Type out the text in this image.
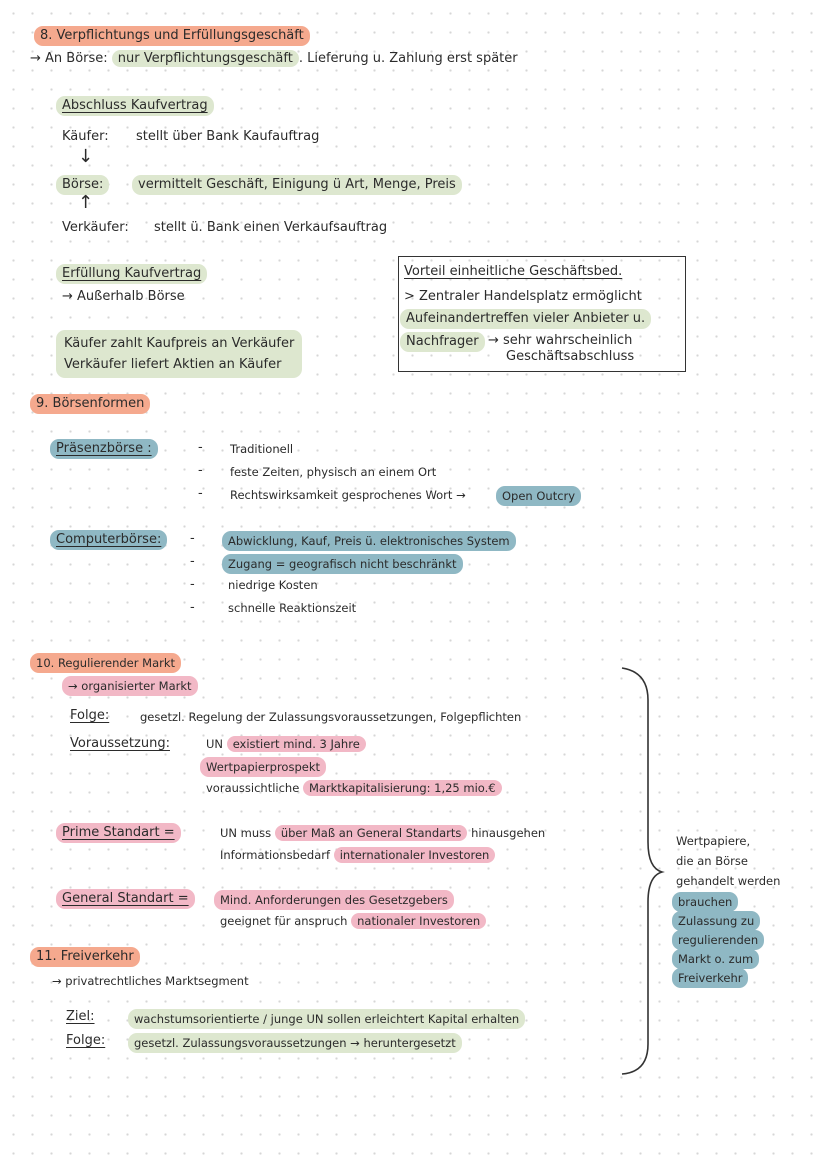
8. Verpflichtungs und Erfüllungsgeschäft
→ An Börse: nur Verpflichtungsgeschäft . Lieferung u. Zahlung erst später
Abschluss Kaufvertrag
Käufer: stellt über Bank Kaufauftrag
↓
Börse:	vermittelt Geschäft, Einigung ü Art, Menge, Preis
↑
Verkäufer: stellt ü. Bank einen Verkaufsauftrag
Erfüllung Kaufvertrag
→ Außerhalb Börse
Käufer zahlt Kaufpreis an Verkäufer
Verkäufer liefert Aktien an Käufer
Vorteil einheitliche Geschäftsbed.
> Zentraler Handelsplatz ermöglicht
Aufeinandertreffen vieler Anbieter u.
Nachfrager → sehr wahrscheinlich
Geschäftsabschluss
9. Börsenformen
Präsenzbörse :	- Traditionell
- feste Zeiten, physisch an einem Ort
- Rechtswirksamkeit gesprochenes Wort →	Open Outcry
Computerbörse:	-	Abwicklung, Kauf, Preis ü. elektronisches System
-	Zugang = geografisch nicht beschränkt
-	niedrige Kosten
-	schnelle Reaktionszeit
10. Regulierender Markt
→ organisierter Markt
Folge:	gesetzl. Regelung der Zulassungsvoraussetzungen, Folgepflichten
Voraussetzung:	UN existiert mind. 3 Jahre
Wertpapierprospekt
voraussichtliche Marktkapitalisierung: 1,25 mio.€
Prime Standart =	UN muss über Maß an General Standarts hinausgehen
Informationsbedarf internationaler Investoren
General Standart =	Mind. Anforderungen des Gesetzgebers
geeignet für anspruch nationaler Investoren
11. Freiverkehr
→ privatrechtliches Marktsegment
Ziel:	wachstumsorientierte / junge UN sollen erleichtert Kapital erhalten
Folge:	gesetzl. Zulassungsvoraussetzungen → heruntergesetzt
Wertpapiere,
die an Börse
gehandelt werden
brauchen
Zulassung zu
regulierenden
Markt o. zum
Freiverkehr
